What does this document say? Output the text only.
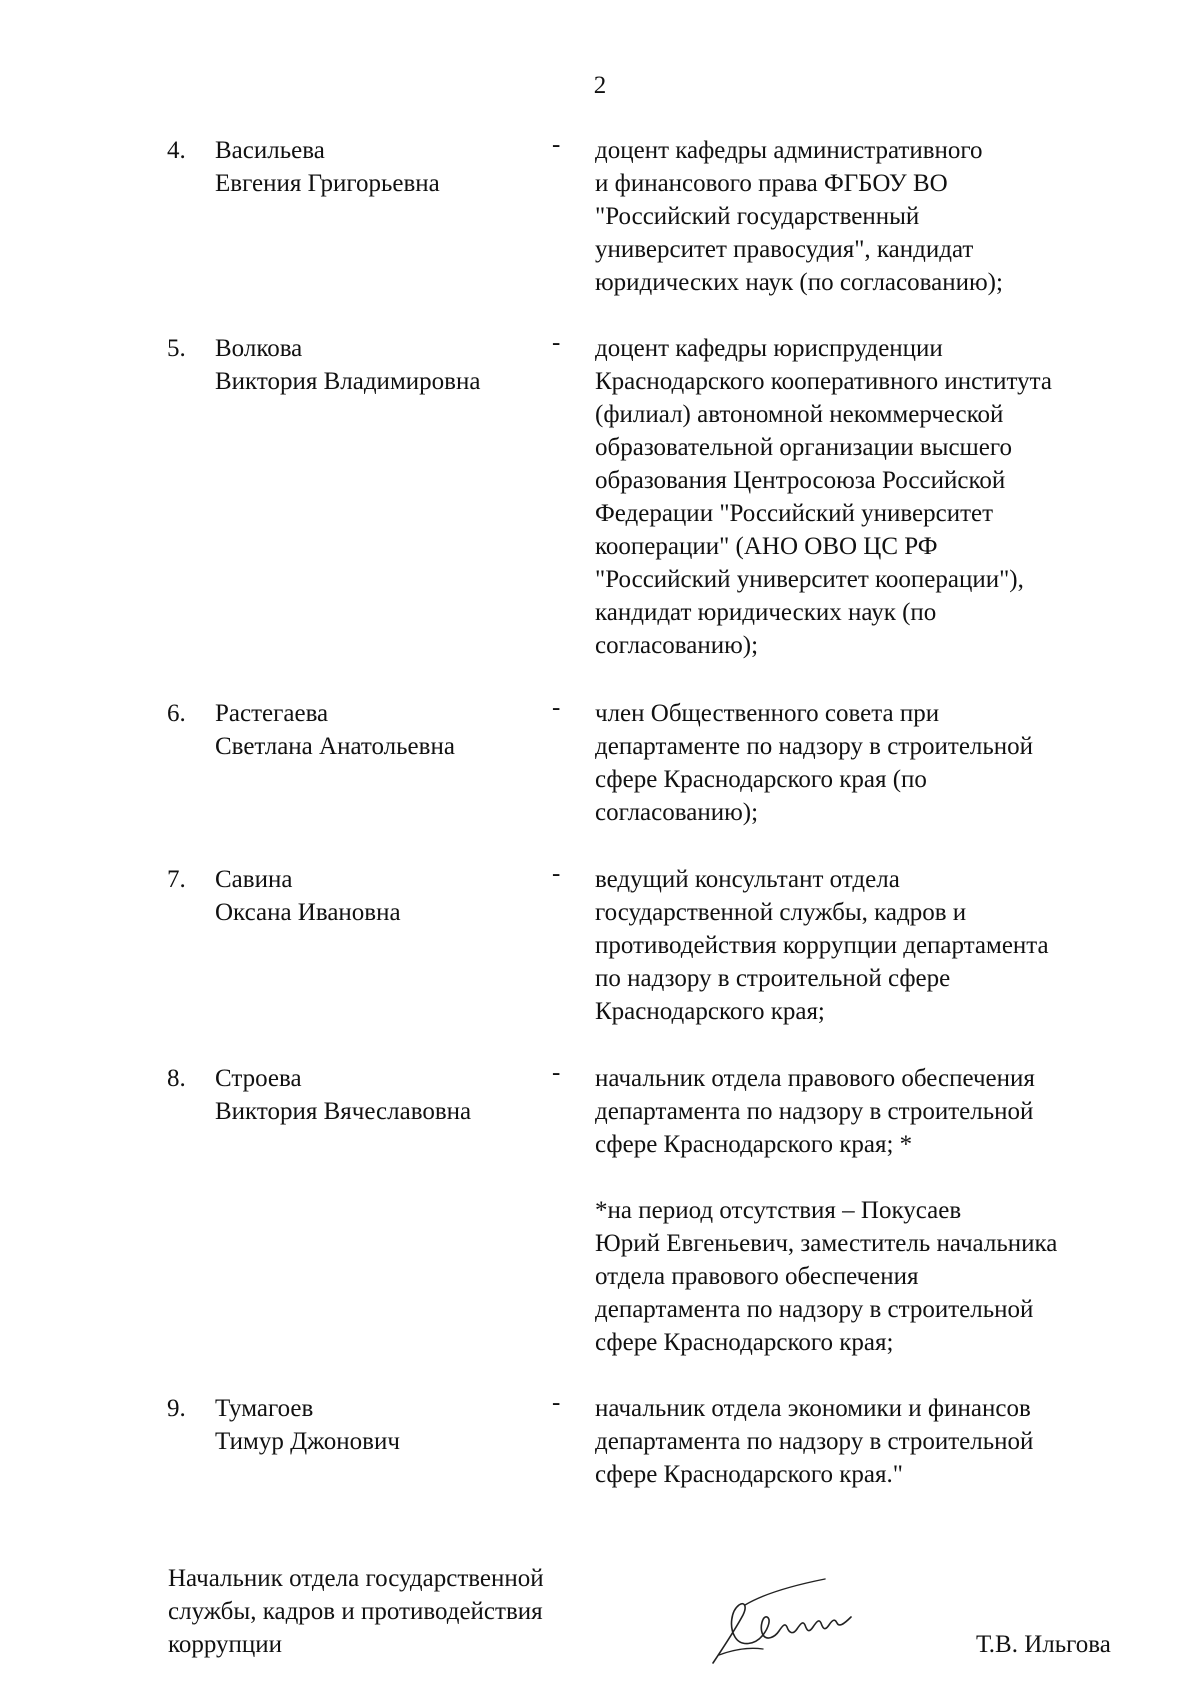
2
4. Васильева
Евгения Григорьевна
- доцент кафедры административного
и финансового права ФГБОУ ВО
"Российский государственный
университет правосудия", кандидат
юридических наук (по согласованию);
5. Волкова
Виктория Владимировна
- доцент кафедры юриспруденции
Краснодарского кооперативного института
(филиал) автономной некоммерческой
образовательной организации высшего
образования Центросоюза Российской
Федерации "Российский университет
кооперации" (АНО ОВО ЦС РФ
"Российский университет кооперации"),
кандидат юридических наук (по
согласованию);
6. Растегаева
Светлана Анатольевна
- член Общественного совета при
департаменте по надзору в строительной
сфере Краснодарского края (по
согласованию);
7. Савина
Оксана Ивановна
- ведущий консультант отдела
государственной службы, кадров и
противодействия коррупции департамента
по надзору в строительной сфере
Краснодарского края;
8. Строева
Виктория Вячеславовна
- начальник отдела правового обеспечения
департамента по надзору в строительной
сфере Краснодарского края; *
*на период отсутствия – Покусаев
Юрий Евгеньевич, заместитель начальника
отдела правового обеспечения
департамента по надзору в строительной
сфере Краснодарского края;
9. Тумагоев
Тимур Джонович
- начальник отдела экономики и финансов
департамента по надзору в строительной
сфере Краснодарского края."
Начальник отдела государственной
службы, кадров и противодействия
коррупции	Т.В. Ильгова
